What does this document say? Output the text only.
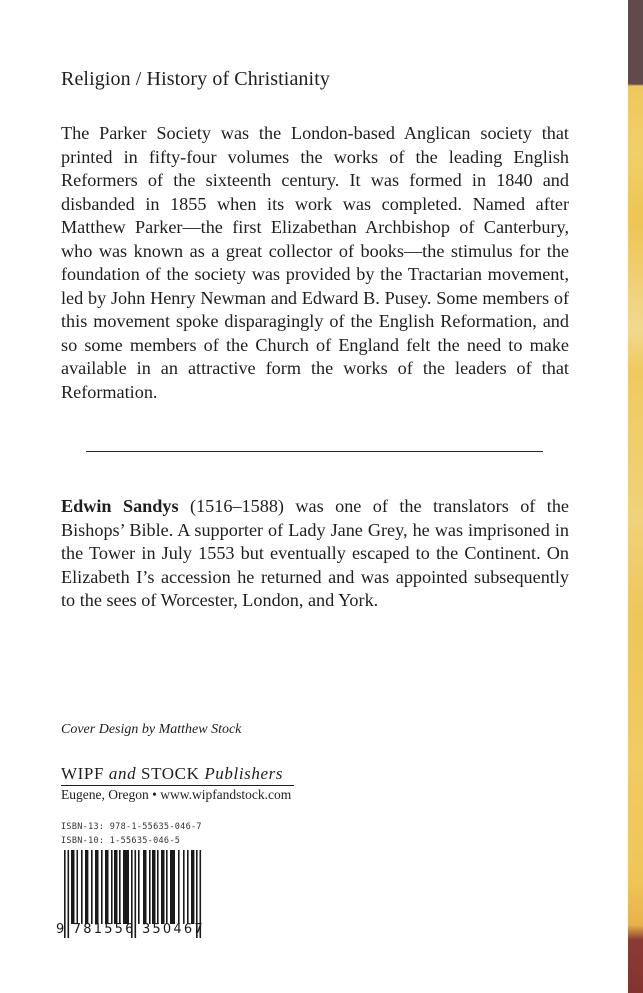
Religion / History of Christianity

The Parker Society was the London-based Anglican society that printed in fifty-four volumes the works of the leading English Reformers of the sixteenth century. It was formed in 1840 and disbanded in 1855 when its work was completed. Named after Matthew Parker—the first Elizabethan Archbishop of Canterbury, who was known as a great collector of books—the stimulus for the foundation of the society was provided by the Tractarian movement, led by John Henry Newman and Edward B. Pusey. Some members of this movement spoke disparagingly of the English Reformation, and so some members of the Church of England felt the need to make available in an attractive form the works of the leaders of that Reformation.

Edwin Sandys (1516–1588) was one of the translators of the Bishops’ Bible. A supporter of Lady Jane Grey, he was imprisoned in the Tower in July 1553 but eventually escaped to the Continent. On Elizabeth I’s accession he returned and was appointed subsequently to the sees of Worcester, London, and York.

Cover Design by Matthew Stock

WIPF and STOCK Publishers
Eugene, Oregon • www.wipfandstock.com
ISBN-13: 978-1-55635-046-7
ISBN-10: 1-55635-046-5
9 781556 350467
